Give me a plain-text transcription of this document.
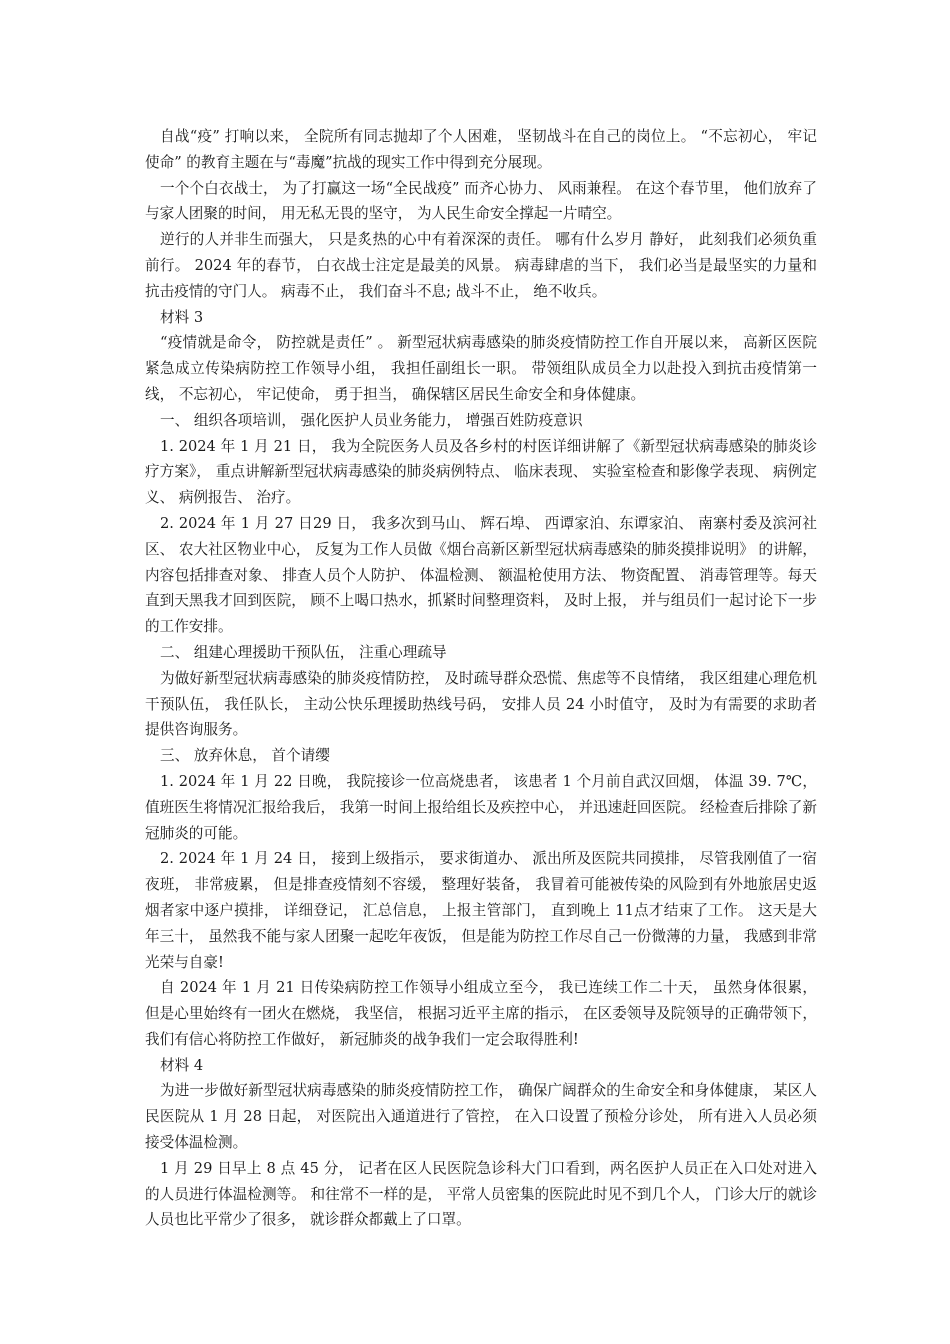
自战“疫” 打响以来， 全院所有同志抛却了个人困难， 坚韧战斗在自己的岗位上。 “不忘初心， 牢记使命” 的教育主题在与“毒魔”抗战的现实工作中得到充分展现。

一个个白衣战士， 为了打赢这一场“全民战疫” 而齐心协力、 风雨兼程。 在这个春节里， 他们放弃了与家人团聚的时间， 用无私无畏的坚守， 为人民生命安全撑起一片晴空。

逆行的人并非生而强大， 只是炙热的心中有着深深的责任。 哪有什么岁月 静好， 此刻我们必须负重前行。 2024 年的春节， 白衣战士注定是最美的风景。 病毒肆虐的当下， 我们必当是最坚实的力量和抗击疫情的守门人。 病毒不止， 我们奋斗不息; 战斗不止， 绝不收兵。

材料 3

“疫情就是命令， 防控就是责任” 。 新型冠状病毒感染的肺炎疫情防控工作自开展以来， 高新区医院紧急成立传染病防控工作领导小组， 我担任副组长一职。 带领组队成员全力以赴投入到抗击疫情第一线， 不忘初心， 牢记使命， 勇于担当， 确保辖区居民生命安全和身体健康。

一、 组织各项培训， 强化医护人员业务能力， 增强百姓防疫意识

1. 2024 年 1 月 21 日， 我为全院医务人员及各乡村的村医详细讲解了《新型冠状病毒感染的肺炎诊疗方案》， 重点讲解新型冠状病毒感染的肺炎病例特点、 临床表现、 实验室检查和影像学表现、 病例定义、 病例报告、 治疗。

2. 2024 年 1 月 27 日29 日， 我多次到马山、 辉石埠、 西谭家泊、东谭家泊、 南寨村委及滨河社区、 农大社区物业中心， 反复为工作人员做《烟台高新区新型冠状病毒感染的肺炎摸排说明》 的讲解， 内容包括排查对象、 排查人员个人防护、 体温检测、 额温枪使用方法、 物资配置、 消毒管理等。每天直到天黑我才回到医院， 顾不上喝口热水，抓紧时间整理资料， 及时上报， 并与组员们一起讨论下一步的工作安排。

二、 组建心理援助干预队伍， 注重心理疏导

为做好新型冠状病毒感染的肺炎疫情防控， 及时疏导群众恐慌、焦虑等不良情绪， 我区组建心理危机干预队伍， 我任队长， 主动公快乐理援助热线号码， 安排人员 24 小时值守， 及时为有需要的求助者提供咨询服务。

三、 放弃休息， 首个请缨

1. 2024 年 1 月 22 日晚， 我院接诊一位高烧患者， 该患者 1 个月前自武汉回烟， 体温 39. 7℃， 值班医生将情况汇报给我后， 我第一时间上报给组长及疾控中心， 并迅速赶回医院。 经检查后排除了新冠肺炎的可能。

2. 2024 年 1 月 24 日， 接到上级指示， 要求街道办、 派出所及医院共同摸排， 尽管我刚值了一宿夜班， 非常疲累， 但是排查疫情刻不容缓， 整理好装备， 我冒着可能被传染的风险到有外地旅居史返烟者家中逐户摸排， 详细登记， 汇总信息， 上报主管部门， 直到晚上 11点才结束了工作。 这天是大年三十， 虽然我不能与家人团聚一起吃年夜饭， 但是能为防控工作尽自己一份微薄的力量， 我感到非常光荣与自豪!

自 2024 年 1 月 21 日传染病防控工作领导小组成立至今， 我已连续工作二十天， 虽然身体很累， 但是心里始终有一团火在燃烧， 我坚信， 根据习近平主席的指示， 在区委领导及院领导的正确带领下， 我们有信心将防控工作做好， 新冠肺炎的战争我们一定会取得胜利!

材料 4

为进一步做好新型冠状病毒感染的肺炎疫情防控工作， 确保广阔群众的生命安全和身体健康， 某区人民医院从 1 月 28 日起， 对医院出入通道进行了管控， 在入口设置了预检分诊处， 所有进入人员必须接受体温检测。

1 月 29 日早上 8 点 45 分， 记者在区人民医院急诊科大门口看到，两名医护人员正在入口处对进入的人员进行体温检测等。 和往常不一样的是， 平常人员密集的医院此时见不到几个人， 门诊大厅的就诊人员也比平常少了很多， 就诊群众都戴上了口罩。
